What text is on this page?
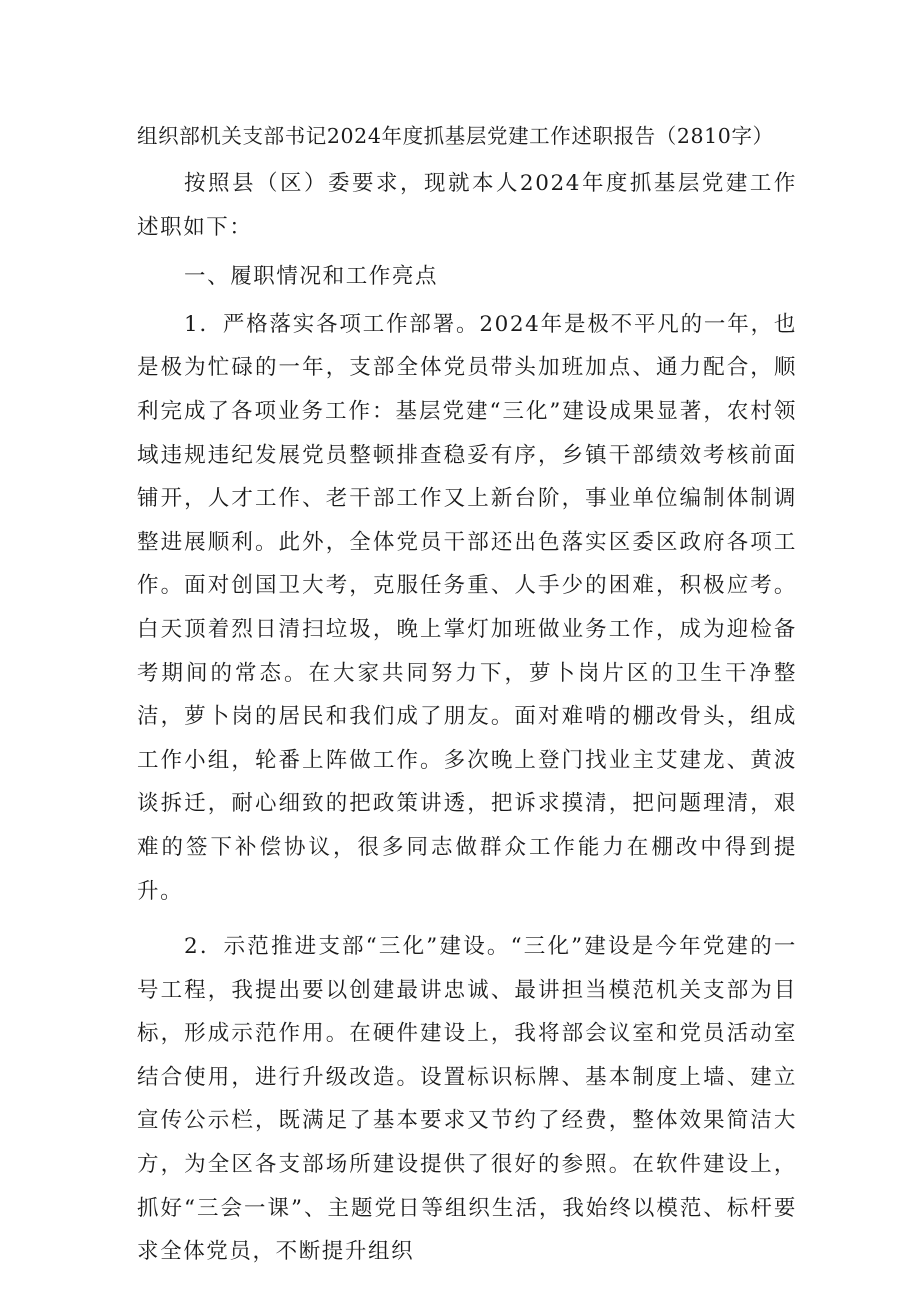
组织部机关支部书记2024年度抓基层党建工作述职报告（2810字）

按照县（区）委要求，现就本人2024年度抓基层党建工作述职如下：

一、履职情况和工作亮点

1．严格落实各项工作部署。2024年是极不平凡的一年，也是极为忙碌的一年，支部全体党员带头加班加点、通力配合，顺利完成了各项业务工作：基层党建“三化”建设成果显著，农村领域违规违纪发展党员整顿排查稳妥有序，乡镇干部绩效考核前面铺开，人才工作、老干部工作又上新台阶，事业单位编制体制调整进展顺利。此外，全体党员干部还出色落实区委区政府各项工作。面对创国卫大考，克服任务重、人手少的困难，积极应考。白天顶着烈日清扫垃圾，晚上掌灯加班做业务工作，成为迎检备考期间的常态。在大家共同努力下，萝卜岗片区的卫生干净整洁，萝卜岗的居民和我们成了朋友。面对难啃的棚改骨头，组成工作小组，轮番上阵做工作。多次晚上登门找业主艾建龙、黄波谈拆迁，耐心细致的把政策讲透，把诉求摸清，把问题理清，艰难的签下补偿协议，很多同志做群众工作能力在棚改中得到提升。

2．示范推进支部“三化”建设。“三化”建设是今年党建的一号工程，我提出要以创建最讲忠诚、最讲担当模范机关支部为目标，形成示范作用。在硬件建设上，我将部会议室和党员活动室结合使用，进行升级改造。设置标识标牌、基本制度上墙、建立宣传公示栏，既满足了基本要求又节约了经费，整体效果简洁大方，为全区各支部场所建设提供了很好的参照。在软件建设上，抓好“三会一课”、主题党日等组织生活，我始终以模范、标杆要求全体党员，不断提升组织
